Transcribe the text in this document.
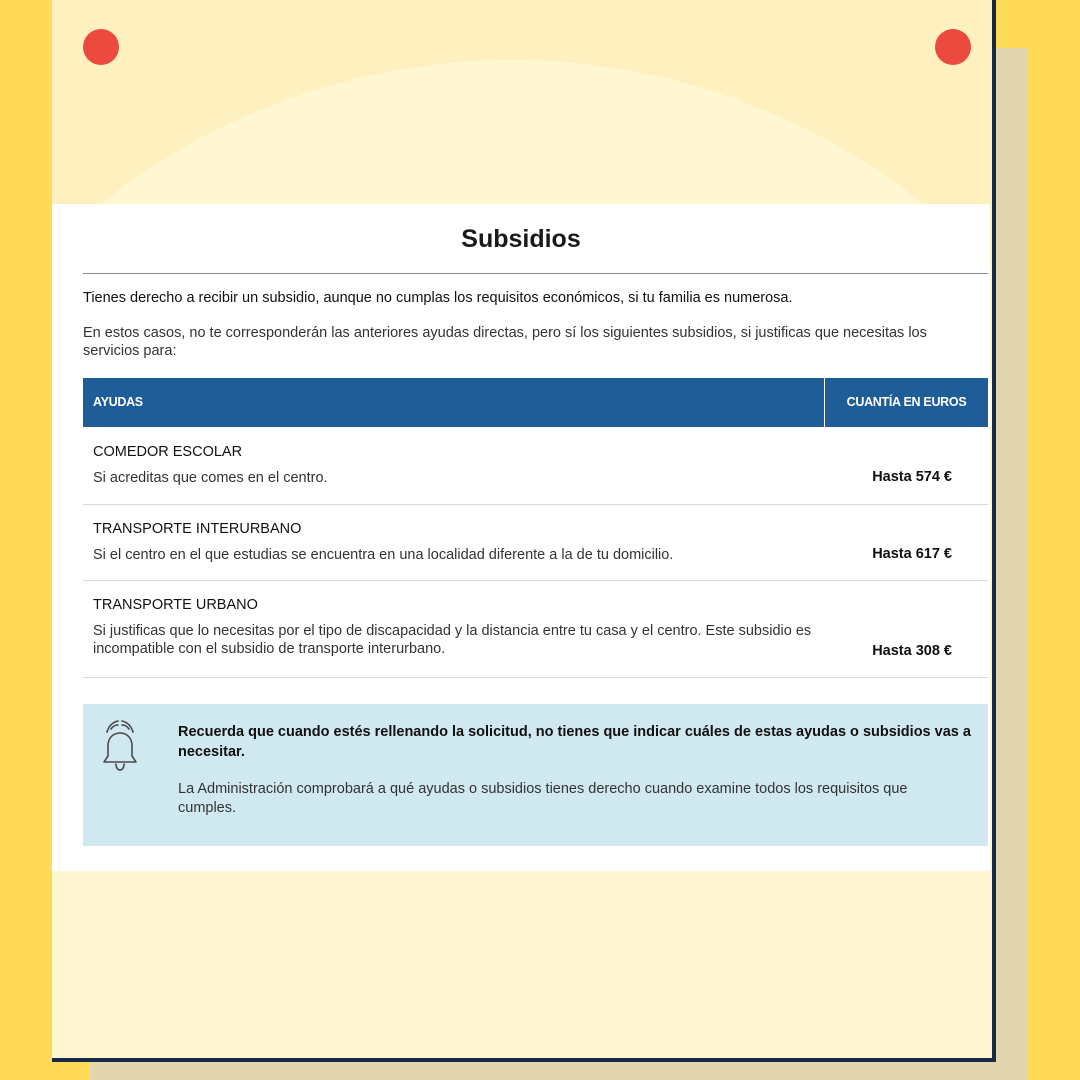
Subsidios

Tienes derecho a recibir un subsidio, aunque no cumplas los requisitos económicos, si tu familia es numerosa.

En estos casos, no te corresponderán las anteriores ayudas directas, pero sí los siguientes subsidios, si justificas que necesitas los servicios para:

AYUDAS	CUANTÍA EN EUROS
COMEDOR ESCOLAR
Si acreditas que comes en el centro.	Hasta 574 €
TRANSPORTE INTERURBANO
Si el centro en el que estudias se encuentra en una localidad diferente a la de tu domicilio.	Hasta 617 €
TRANSPORTE URBANO
Si justificas que lo necesitas por el tipo de discapacidad y la distancia entre tu casa y el centro. Este subsidio es incompatible con el subsidio de transporte interurbano.	Hasta 308 €

Recuerda que cuando estés rellenando la solicitud, no tienes que indicar cuáles de estas ayudas o subsidios vas a necesitar.

La Administración comprobará a qué ayudas o subsidios tienes derecho cuando examine todos los requisitos que cumples.
